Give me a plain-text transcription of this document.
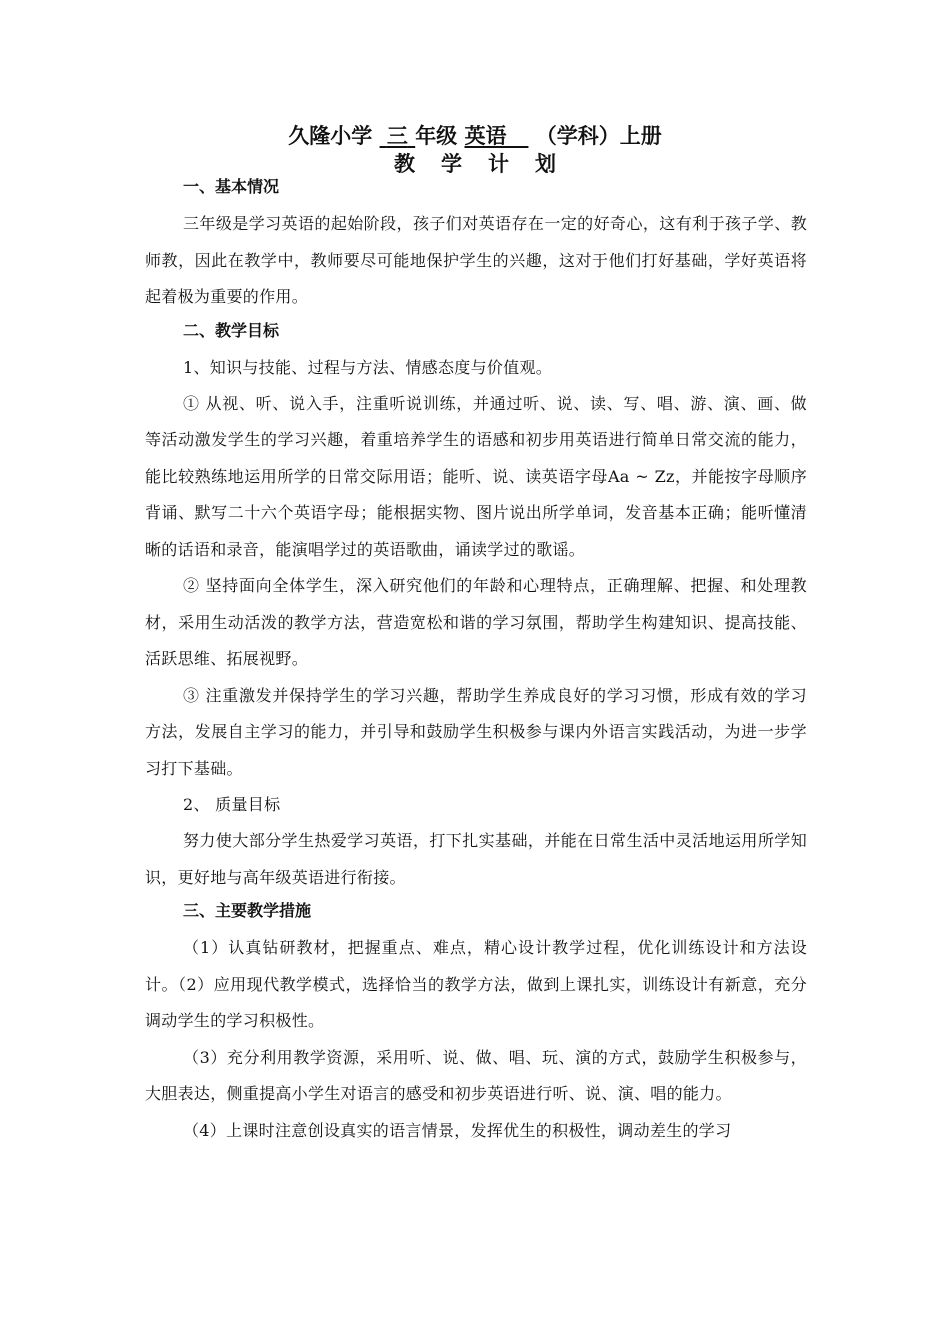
久隆小学 三 年级 英语 （学科）上册
教学计划
一、基本情况

三年级是学习英语的起始阶段，孩子们对英语存在一定的好奇心，这有利于孩子学、教师教，因此在教学中，教师要尽可能地保护学生的兴趣，这对于他们打好基础，学好英语将起着极为重要的作用。

二、教学目标

1、知识与技能、过程与方法、情感态度与价值观。

① 从视、听、说入手，注重听说训练，并通过听、说、读、写、唱、游、演、画、做等活动激发学生的学习兴趣，着重培养学生的语感和初步用英语进行简单日常交流的能力，能比较熟练地运用所学的日常交际用语；能听、说、读英语字母Aa ~ Zz，并能按字母顺序背诵、默写二十六个英语字母；能根据实物、图片说出所学单词，发音基本正确；能听懂清晰的话语和录音，能演唱学过的英语歌曲，诵读学过的歌谣。

② 坚持面向全体学生，深入研究他们的年龄和心理特点，正确理解、把握、和处理教材，采用生动活泼的教学方法，营造宽松和谐的学习氛围，帮助学生构建知识、提高技能、活跃思维、拓展视野。

③ 注重激发并保持学生的学习兴趣，帮助学生养成良好的学习习惯，形成有效的学习方法，发展自主学习的能力，并引导和鼓励学生积极参与课内外语言实践活动，为进一步学习打下基础。

2、 质量目标

努力使大部分学生热爱学习英语，打下扎实基础，并能在日常生活中灵活地运用所学知识，更好地与高年级英语进行衔接。

三、主要教学措施

（1）认真钻研教材，把握重点、难点，精心设计教学过程，优化训练设计和方法设计。（2）应用现代教学模式，选择恰当的教学方法，做到上课扎实，训练设计有新意，充分调动学生的学习积极性。

（3）充分利用教学资源，采用听、说、做、唱、玩、演的方式，鼓励学生积极参与，大胆表达，侧重提高小学生对语言的感受和初步英语进行听、说、演、唱的能力。

（4）上课时注意创设真实的语言情景，发挥优生的积极性，调动差生的学习
